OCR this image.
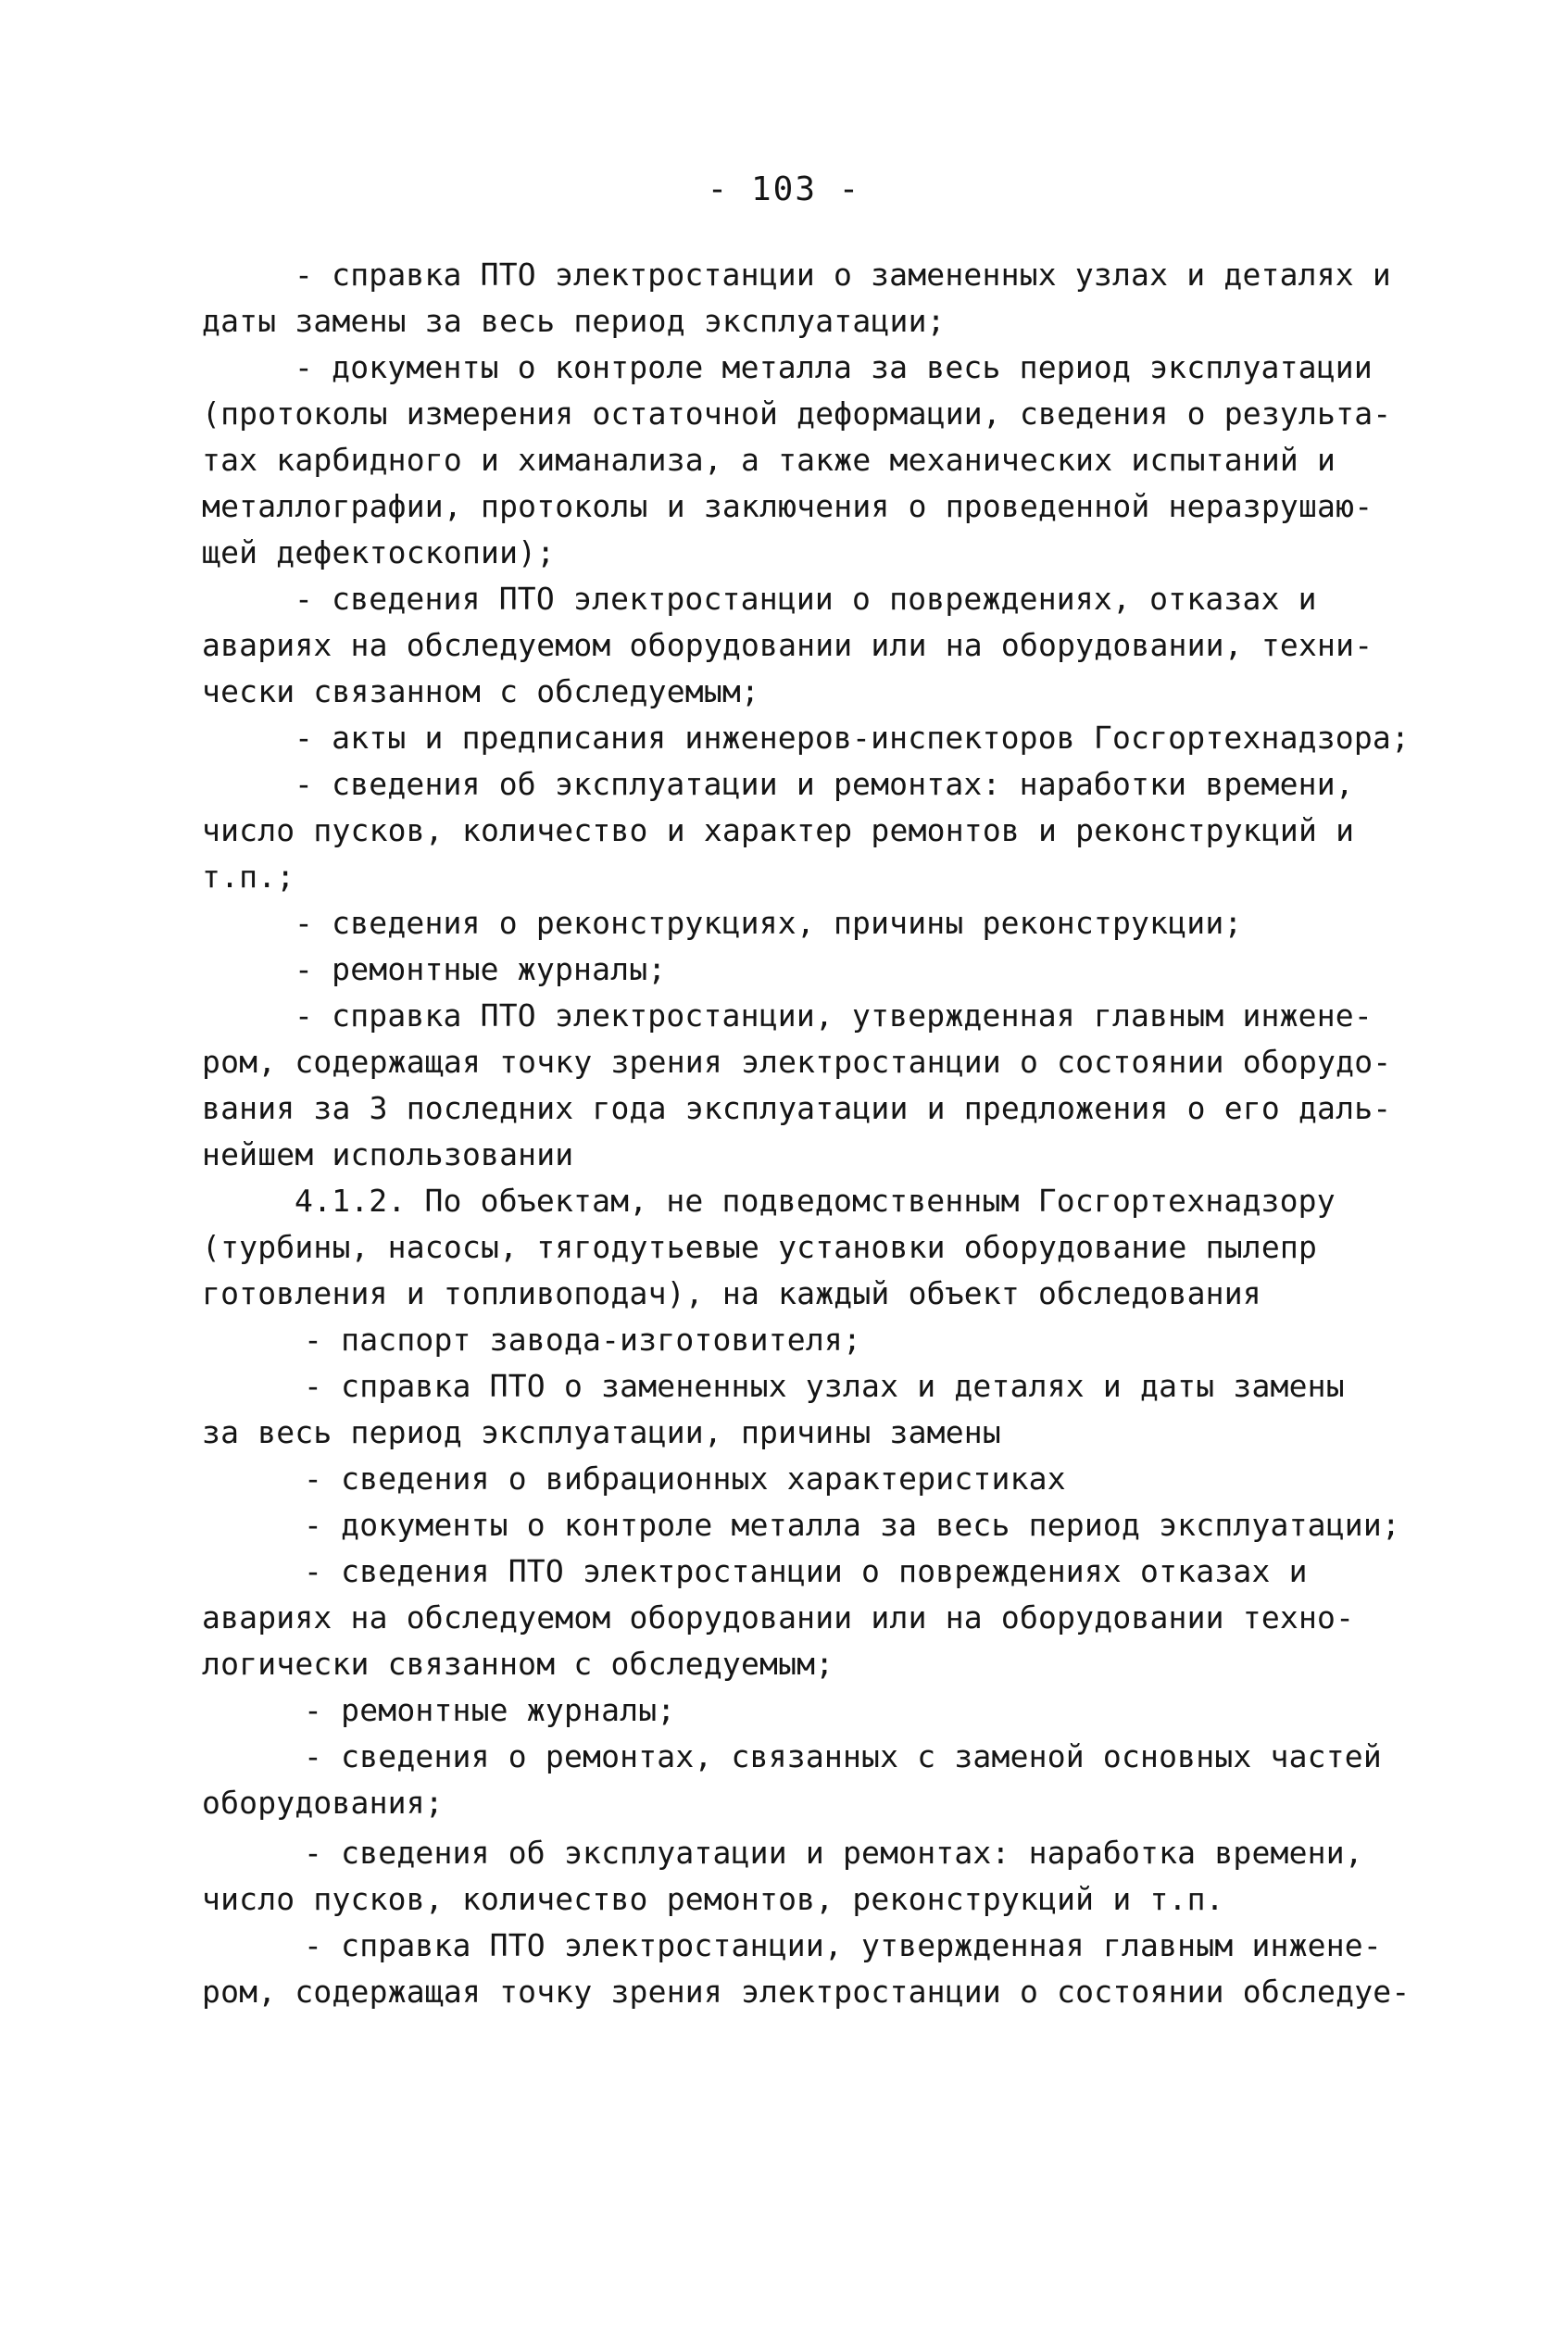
- 103 -
- справка ПТО электростанции о замененных узлах и деталях и
даты замены за весь период эксплуатации;
- документы о контроле металла за весь период эксплуатации
(протоколы измерения остаточной деформации, сведения о результа-
тах карбидного и химанализа, а также механических испытаний и
металлографии, протоколы и заключения о проведенной неразрушаю-
щей дефектоскопии);
- сведения ПТО электростанции о повреждениях, отказах и
авариях на обследуемом оборудовании или на оборудовании, техни-
чески связанном с обследуемым;
- акты и предписания инженеров-инспекторов Госгортехнадзора;
- сведения об эксплуатации и ремонтах: наработки времени,
число пусков, количество и характер ремонтов и реконструкций и
т.п.;
- сведения о реконструкциях, причины реконструкции;
- ремонтные журналы;
- справка ПТО электростанции, утвержденная главным инжене-
ром, содержащая точку зрения электростанции о состоянии оборудо-
вания за 3 последних года эксплуатации и предложения о его даль-
нейшем использовании
4.1.2. По объектам, не подведомственным Госгортехнадзору
(турбины, насосы, тягодутьевые установки оборудование пылепр
готовления и топливоподач), на каждый объект обследования
- паспорт завода-изготовителя;
- справка ПТО о замененных узлах и деталях и даты замены
за весь период эксплуатации, причины замены
- сведения о вибрационных характеристиках
- документы о контроле металла за весь период эксплуатации;
- сведения ПТО электростанции о повреждениях отказах и
авариях на обследуемом оборудовании или на оборудовании техно-
логически связанном с обследуемым;
- ремонтные журналы;
- сведения о ремонтах, связанных с заменой основных частей
оборудования;
- сведения об эксплуатации и ремонтах: наработка времени,
число пусков, количество ремонтов, реконструкций и т.п.
- справка ПТО электростанции, утвержденная главным инжене-
ром, содержащая точку зрения электростанции о состоянии обследуе-
